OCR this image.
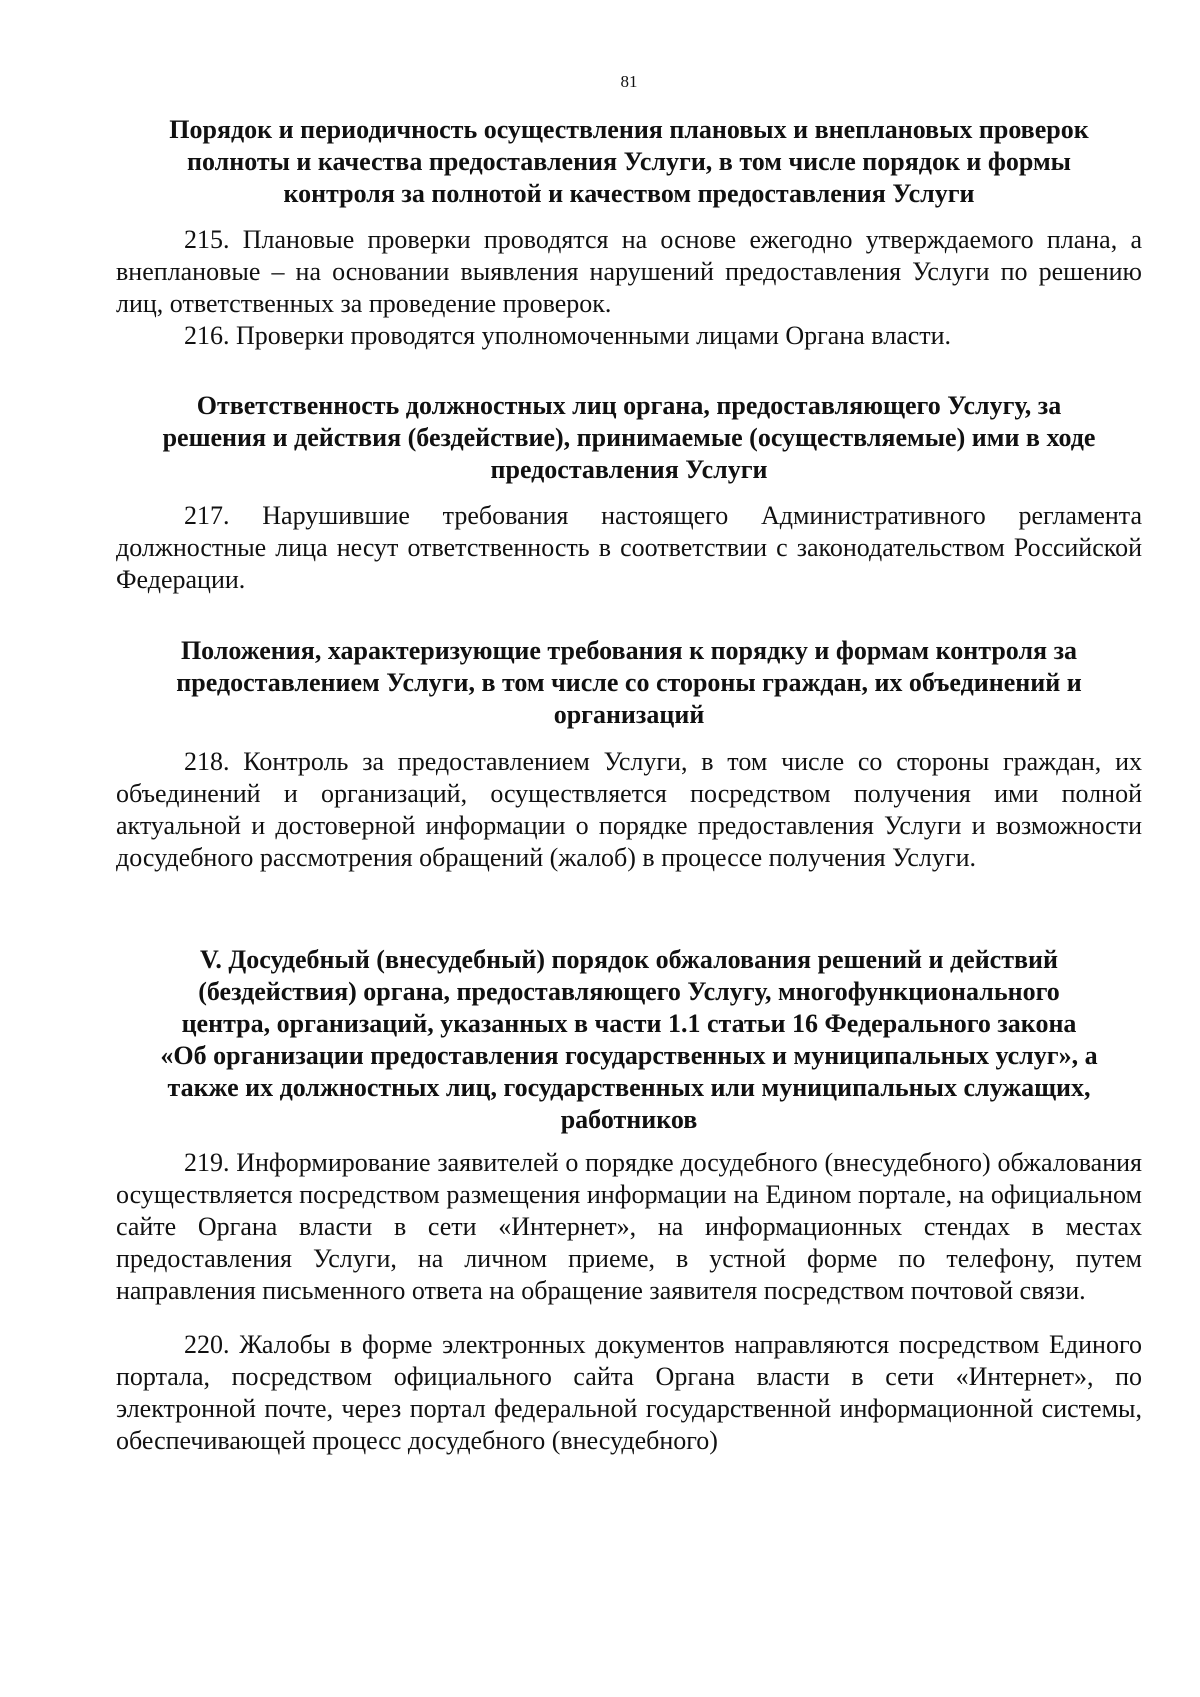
81
Порядок и периодичность осуществления плановых и внеплановых проверок
полноты и качества предоставления Услуги, в том числе порядок и формы
контроля за полнотой и качеством предоставления Услуги

215. Плановые проверки проводятся на основе ежегодно утверждаемого плана, а внеплановые – на основании выявления нарушений предоставления Услуги по решению лиц, ответственных за проведение проверок.

216. Проверки проводятся уполномоченными лицами Органа власти.

Ответственность должностных лиц органа, предоставляющего Услугу, за
решения и действия (бездействие), принимаемые (осуществляемые) ими в ходе
предоставления Услуги

217. Нарушившие требования настоящего Административного регламента должностные лица несут ответственность в соответствии с законодательством Российской Федерации.

Положения, характеризующие требования к порядку и формам контроля за
предоставлением Услуги, в том числе со стороны граждан, их объединений и
организаций

218. Контроль за предоставлением Услуги, в том числе со стороны граждан, их объединений и организаций, осуществляется посредством получения ими полной актуальной и достоверной информации о порядке предоставления Услуги и возможности досудебного рассмотрения обращений (жалоб) в процессе получения Услуги.

V. Досудебный (внесудебный) порядок обжалования решений и действий
(бездействия) органа, предоставляющего Услугу, многофункционального
центра, организаций, указанных в части 1.1 статьи 16 Федерального закона
«Об организации предоставления государственных и муниципальных услуг», а
также их должностных лиц, государственных или муниципальных служащих,
работников

219. Информирование заявителей о порядке досудебного (внесудебного) обжалования осуществляется посредством размещения информации на Едином портале, на официальном сайте Органа власти в сети «Интернет», на информационных стендах в местах предоставления Услуги, на личном приеме, в устной форме по телефону, путем направления письменного ответа на обращение заявителя посредством почтовой связи.

220. Жалобы в форме электронных документов направляются посредством Единого портала, посредством официального сайта Органа власти в сети «Интернет», по электронной почте, через портал федеральной государственной информационной системы, обеспечивающей процесс досудебного (внесудебного)
